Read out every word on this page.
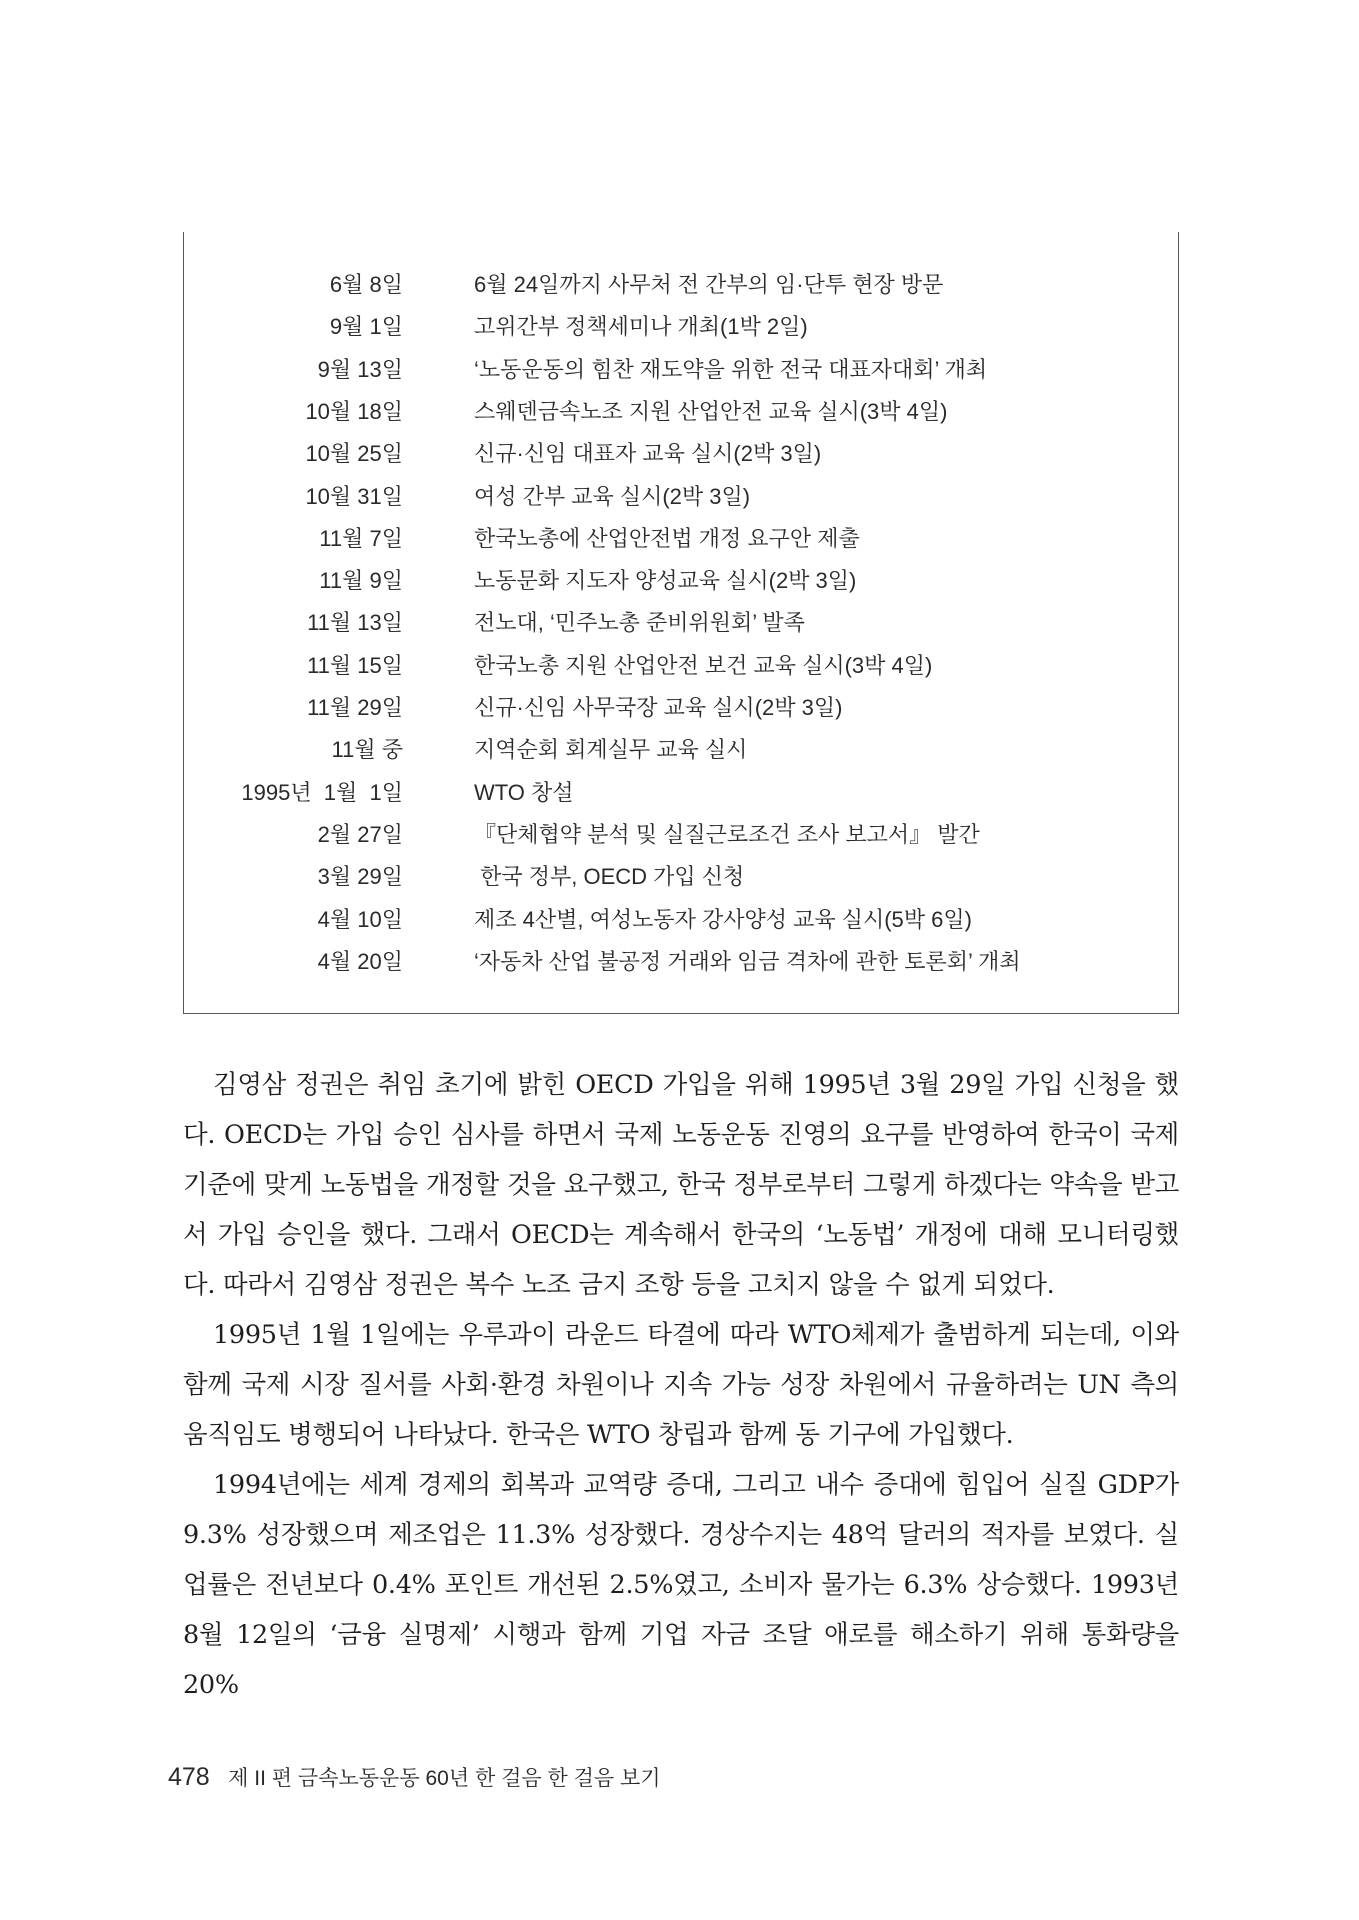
6월 8일	6월 24일까지 사무처 전 간부의 임·단투 현장 방문
9월 1일	고위간부 정책세미나 개최(1박 2일)
9월 13일	‘노동운동의 힘찬 재도약을 위한 전국 대표자대회’ 개최
10월 18일	스웨덴금속노조 지원 산업안전 교육 실시(3박 4일)
10월 25일	신규·신임 대표자 교육 실시(2박 3일)
10월 31일	여성 간부 교육 실시(2박 3일)
11월 7일	한국노총에 산업안전법 개정 요구안 제출
11월 9일	노동문화 지도자 양성교육 실시(2박 3일)
11월 13일	전노대, ‘민주노총 준비위원회’ 발족
11월 15일	한국노총 지원 산업안전 보건 교육 실시(3박 4일)
11월 29일	신규·신임 사무국장 교육 실시(2박 3일)
11월 중	지역순회 회계실무 교육 실시
1995년  1월  1일	WTO 창설
2월 27일	『단체협약 분석 및 실질근로조건 조사 보고서』 발간
3월 29일	한국 정부, OECD 가입 신청
4월 10일	제조 4산별, 여성노동자 강사양성 교육 실시(5박 6일)
4월 20일	‘자동차 산업 불공정 거래와 임금 격차에 관한 토론회’ 개최

김영삼 정권은 취임 초기에 밝힌 OECD 가입을 위해 1995년 3월 29일 가입 신청을 했다. OECD는 가입 승인 심사를 하면서 국제 노동운동 진영의 요구를 반영하여 한국이 국제 기준에 맞게 노동법을 개정할 것을 요구했고, 한국 정부로부터 그렇게 하겠다는 약속을 받고서 가입 승인을 했다. 그래서 OECD는 계속해서 한국의 ‘노동법’ 개정에 대해 모니터링했다. 따라서 김영삼 정권은 복수 노조 금지 조항 등을 고치지 않을 수 없게 되었다.

1995년 1월 1일에는 우루과이 라운드 타결에 따라 WTO체제가 출범하게 되는데, 이와 함께 국제 시장 질서를 사회·환경 차원이나 지속 가능 성장 차원에서 규율하려는 UN 측의 움직임도 병행되어 나타났다. 한국은 WTO 창립과 함께 동 기구에 가입했다.

1994년에는 세계 경제의 회복과 교역량 증대, 그리고 내수 증대에 힘입어 실질 GDP가 9.3% 성장했으며 제조업은 11.3% 성장했다. 경상수지는 48억 달러의 적자를 보였다. 실업률은 전년보다 0.4% 포인트 개선된 2.5%였고, 소비자 물가는 6.3% 상승했다. 1993년 8월 12일의 ‘금융 실명제’ 시행과 함께 기업 자금 조달 애로를 해소하기 위해 통화량을 20%

478 제 II 편 금속노동운동 60년 한 걸음 한 걸음 보기
